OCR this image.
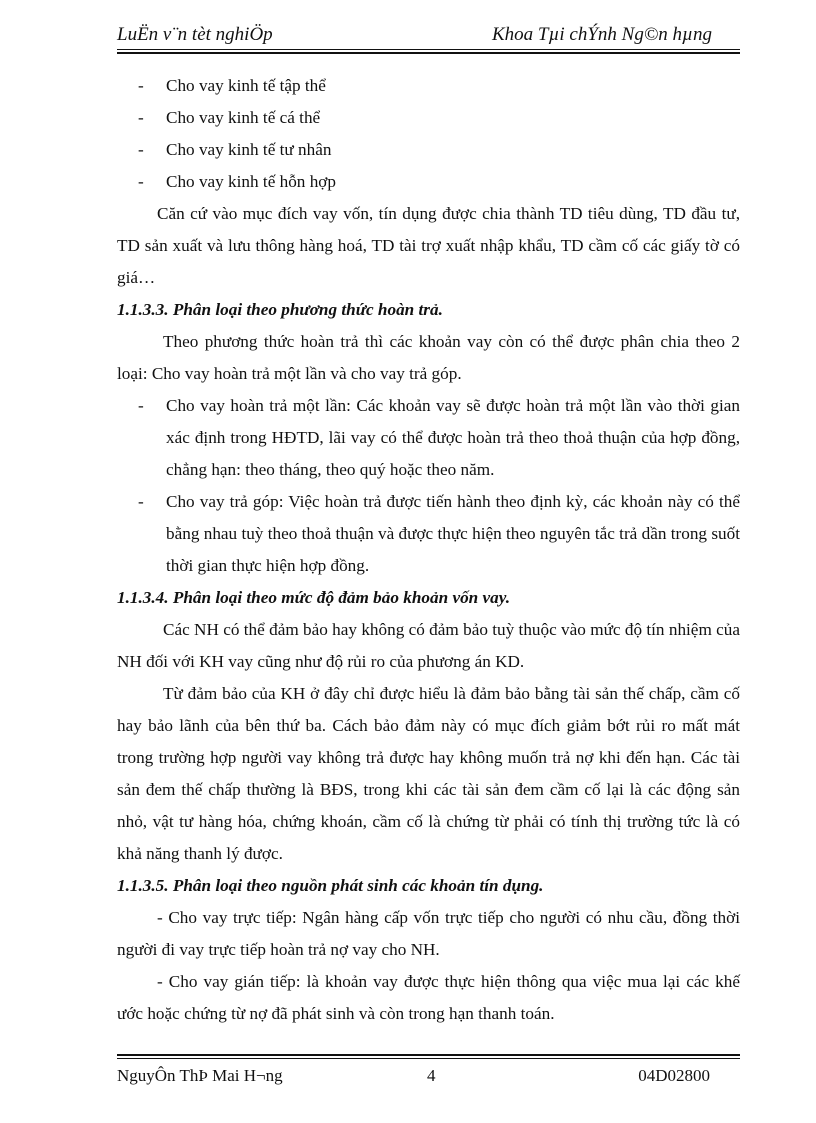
LuËn v¨n tèt nghiÖp	Khoa Tµi chÝnh Ng©n hµng
- Cho vay kinh tế tập thể
- Cho vay kinh tế cá thể
- Cho vay kinh tế tư nhân
- Cho vay kinh tế hỗn hợp
Căn cứ vào mục đích vay vốn, tín dụng được chia thành TD tiêu dùng, TD đầu tư, TD sản xuất và lưu thông hàng hoá, TD tài trợ xuất nhập khẩu, TD cầm cố các giấy tờ có giá…
1.1.3.3. Phân loại theo phương thức hoàn trả.
Theo phương thức hoàn trả thì các khoản vay còn có thể được phân chia theo 2 loại: Cho vay hoàn trả một lần và cho vay trả góp.
- Cho vay hoàn trả một lần: Các khoản vay sẽ được hoàn trả một lần vào thời gian xác định trong HĐTD, lãi vay có thể được hoàn trả theo thoả thuận của hợp đồng, chẳng hạn: theo tháng, theo quý hoặc theo năm.
- Cho vay trả góp: Việc hoàn trả được tiến hành theo định kỳ, các khoản này có thể bằng nhau tuỳ theo thoả thuận và được thực hiện theo nguyên tắc trả dần trong suốt thời gian thực hiện hợp đồng.
1.1.3.4. Phân loại theo mức độ đảm bảo khoản vốn vay.
Các NH có thể đảm bảo hay không có đảm bảo tuỳ thuộc vào mức độ tín nhiệm của NH đối với KH vay cũng như độ rủi ro của phương án KD.
Từ đảm bảo của KH ở đây chỉ được hiểu là đảm bảo bằng tài sản thế chấp, cầm cố hay bảo lãnh của bên thứ ba. Cách bảo đảm này có mục đích giảm bớt rủi ro mất mát trong trường hợp người vay không trả được hay không muốn trả nợ khi đến hạn. Các tài sản đem thế chấp thường là BĐS, trong khi các tài sản đem cầm cố lại là các động sản nhỏ, vật tư hàng hóa, chứng khoán, cầm cố là chứng từ phải có tính thị trường tức là có khả năng thanh lý được.
1.1.3.5. Phân loại theo nguồn phát sinh các khoản tín dụng.
- Cho vay trực tiếp: Ngân hàng cấp vốn trực tiếp cho người có nhu cầu, đồng thời người đi vay trực tiếp hoàn trả nợ vay cho NH.
- Cho vay gián tiếp: là khoản vay được thực hiện thông qua việc mua lại các khế ước hoặc chứng từ nợ đã phát sinh và còn trong hạn thanh toán.
NguyÔn ThÞ Mai H¬ng	4	04D02800
